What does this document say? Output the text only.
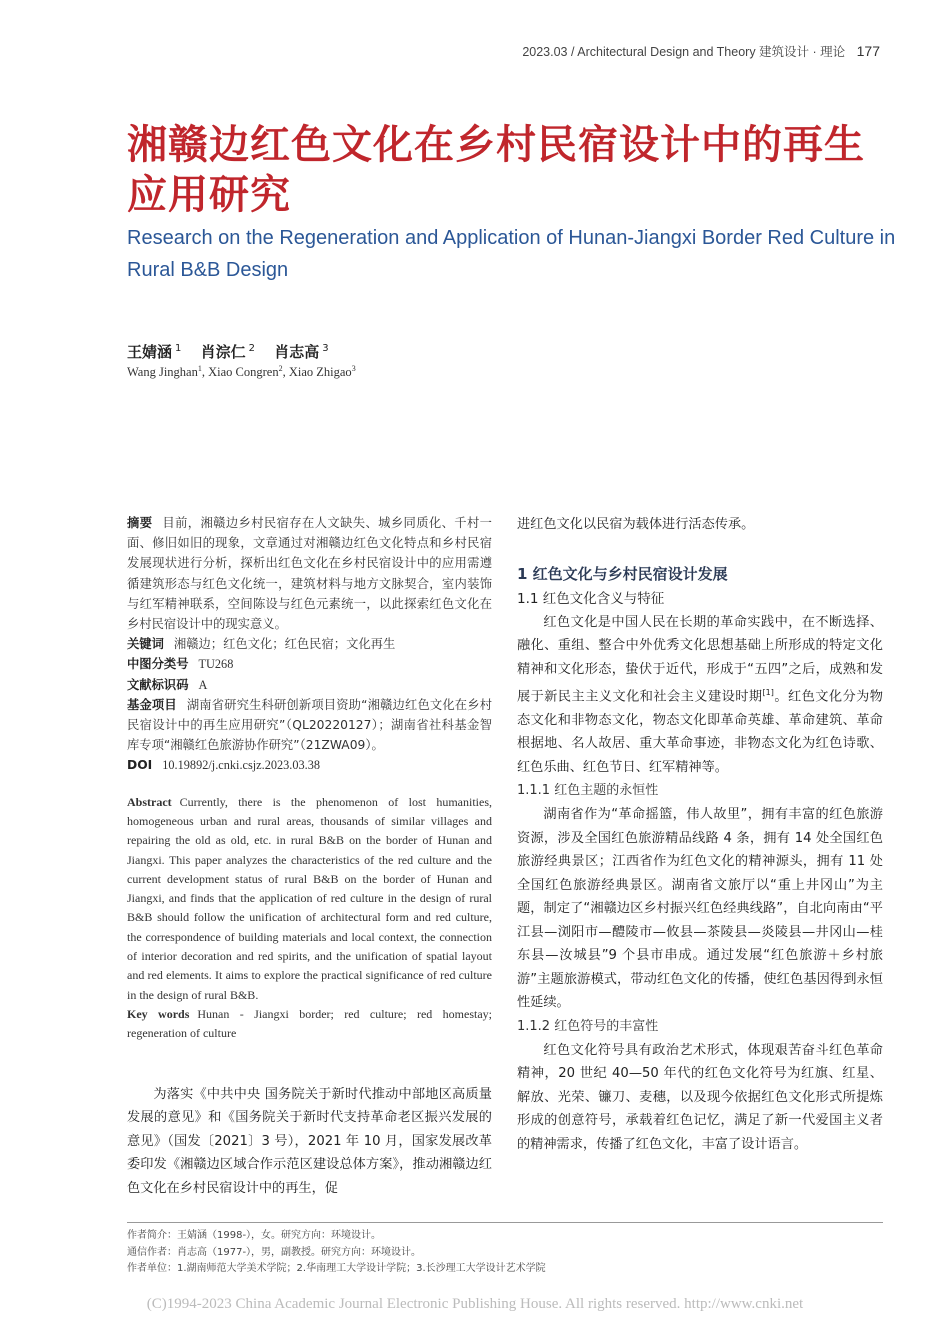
2023.03 / Architectural Design and Theory 建筑设计 · 理论 177
湘赣边红色文化在乡村民宿设计中的再生应用研究
Research on the Regeneration and Application of Hunan-Jiangxi Border Red Culture in Rural B&B Design
王婧涵 $^1$ 肖淙仁 $^2$ 肖志高 $^3$
Wang Jinghan$^1$, Xiao Congren$^2$, Xiao Zhigao$^3$

摘要 目前，湘赣边乡村民宿存在人文缺失、城乡同质化、千村一面、修旧如旧的现象，文章通过对湘赣边红色文化特点和乡村民宿发展现状进行分析，探析出红色文化在乡村民宿设计中的应用需遵循建筑形态与红色文化统一，建筑材料与地方文脉契合，室内装饰与红军精神联系，空间陈设与红色元素统一，以此探索红色文化在乡村民宿设计中的现实意义。

关键词 湘赣边；红色文化；红色民宿；文化再生

中图分类号 TU268

文献标识码 A

基金项目 湖南省研究生科研创新项目资助“湘赣边红色文化在乡村民宿设计中的再生应用研究”（QL20220127）；湖南省社科基金智库专项“湘赣红色旅游协作研究”（21ZWA09）。

DOI 10.19892/j.cnki.csjz.2023.03.38

Abstract Currently, there is the phenomenon of lost humanities, homogeneous urban and rural areas, thousands of similar villages and repairing the old as old, etc. in rural B&B on the border of Hunan and Jiangxi. This paper analyzes the characteristics of the red culture and the current development status of rural B&B on the border of Hunan and Jiangxi, and finds that the application of red culture in the design of rural B&B should follow the unification of architectural form and red culture, the correspondence of building materials and local context, the connection of interior decoration and red spirits, and the unification of spatial layout and red elements. It aims to explore the practical significance of red culture in the design of rural B&B.

Key words Hunan - Jiangxi border; red culture; red homestay; regeneration of culture

为落实《中共中央 国务院关于新时代推动中部地区高质量发展的意见》和《国务院关于新时代支持革命老区振兴发展的意见》（国发〔2021〕3 号），2021 年 10 月，国家发展改革委印发《湘赣边区域合作示范区建设总体方案》，推动湘赣边红色文化在乡村民宿设计中的再生，促

进红色文化以民宿为载体进行活态传承。

1 红色文化与乡村民宿设计发展

1.1 红色文化含义与特征

红色文化是中国人民在长期的革命实践中，在不断选择、融化、重组、整合中外优秀文化思想基础上所形成的特定文化精神和文化形态，蛰伏于近代，形成于“五四”之后，成熟和发展于新民主主义文化和社会主义建设时期[1]。红色文化分为物态文化和非物态文化，物态文化即革命英雄、革命建筑、革命根据地、名人故居、重大革命事迹，非物态文化为红色诗歌、红色乐曲、红色节日、红军精神等。

1.1.1 红色主题的永恒性

湖南省作为“革命摇篮，伟人故里”，拥有丰富的红色旅游资源，涉及全国红色旅游精品线路 4 条，拥有 14 处全国红色旅游经典景区；江西省作为红色文化的精神源头，拥有 11 处全国红色旅游经典景区。湖南省文旅厅以“重上井冈山”为主题，制定了“湘赣边区乡村振兴红色经典线路”，自北向南由“平江县—浏阳市—醴陵市—攸县—茶陵县—炎陵县—井冈山—桂东县—汝城县”9 个县市串成。通过发展“红色旅游＋乡村旅游”主题旅游模式，带动红色文化的传播，使红色基因得到永恒性延续。

1.1.2 红色符号的丰富性

红色文化符号具有政治艺术形式，体现艰苦奋斗红色革命精神，20 世纪 40—50 年代的红色文化符号为红旗、红星、解放、光荣、镰刀、麦穗，以及现今依据红色文化形式所提炼形成的创意符号，承载着红色记忆，满足了新一代爱国主义者的精神需求，传播了红色文化，丰富了设计语言。

作者简介：王婧涵（1998-），女。研究方向：环境设计。
通信作者：肖志高（1977-），男，副教授。研究方向：环境设计。
作者单位：1.湖南师范大学美术学院；2.华南理工大学设计学院；3.长沙理工大学设计艺术学院
(C)1994-2023 China Academic Journal Electronic Publishing House. All rights reserved. http://www.cnki.net
